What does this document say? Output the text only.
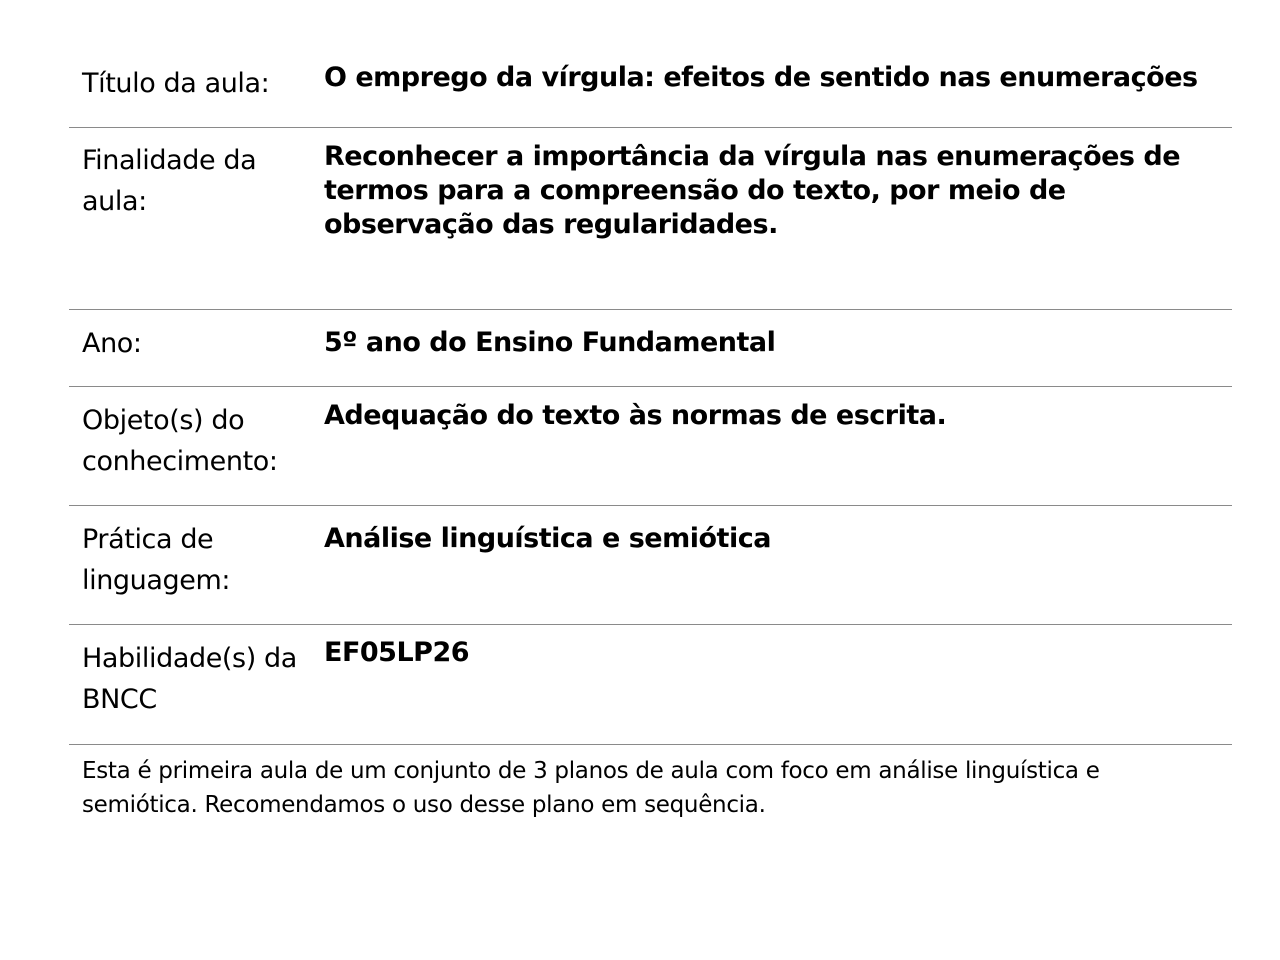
Título da aula:	O emprego da vírgula: efeitos de sentido nas enumerações
Finalidade da aula:
Reconhecer a importância da vírgula nas enumerações de termos para a compreensão do texto, por meio de observação das regularidades.
Ano:	5º ano do Ensino Fundamental
Objeto(s) do conhecimento:
Adequação do texto às normas de escrita.
Prática de linguagem:
Análise linguística e semiótica
Habilidade(s) da BNCC
EF05LP26
Esta é primeira aula de um conjunto de 3 planos de aula com foco em análise linguística e semiótica. Recomendamos o uso desse plano em sequência.
